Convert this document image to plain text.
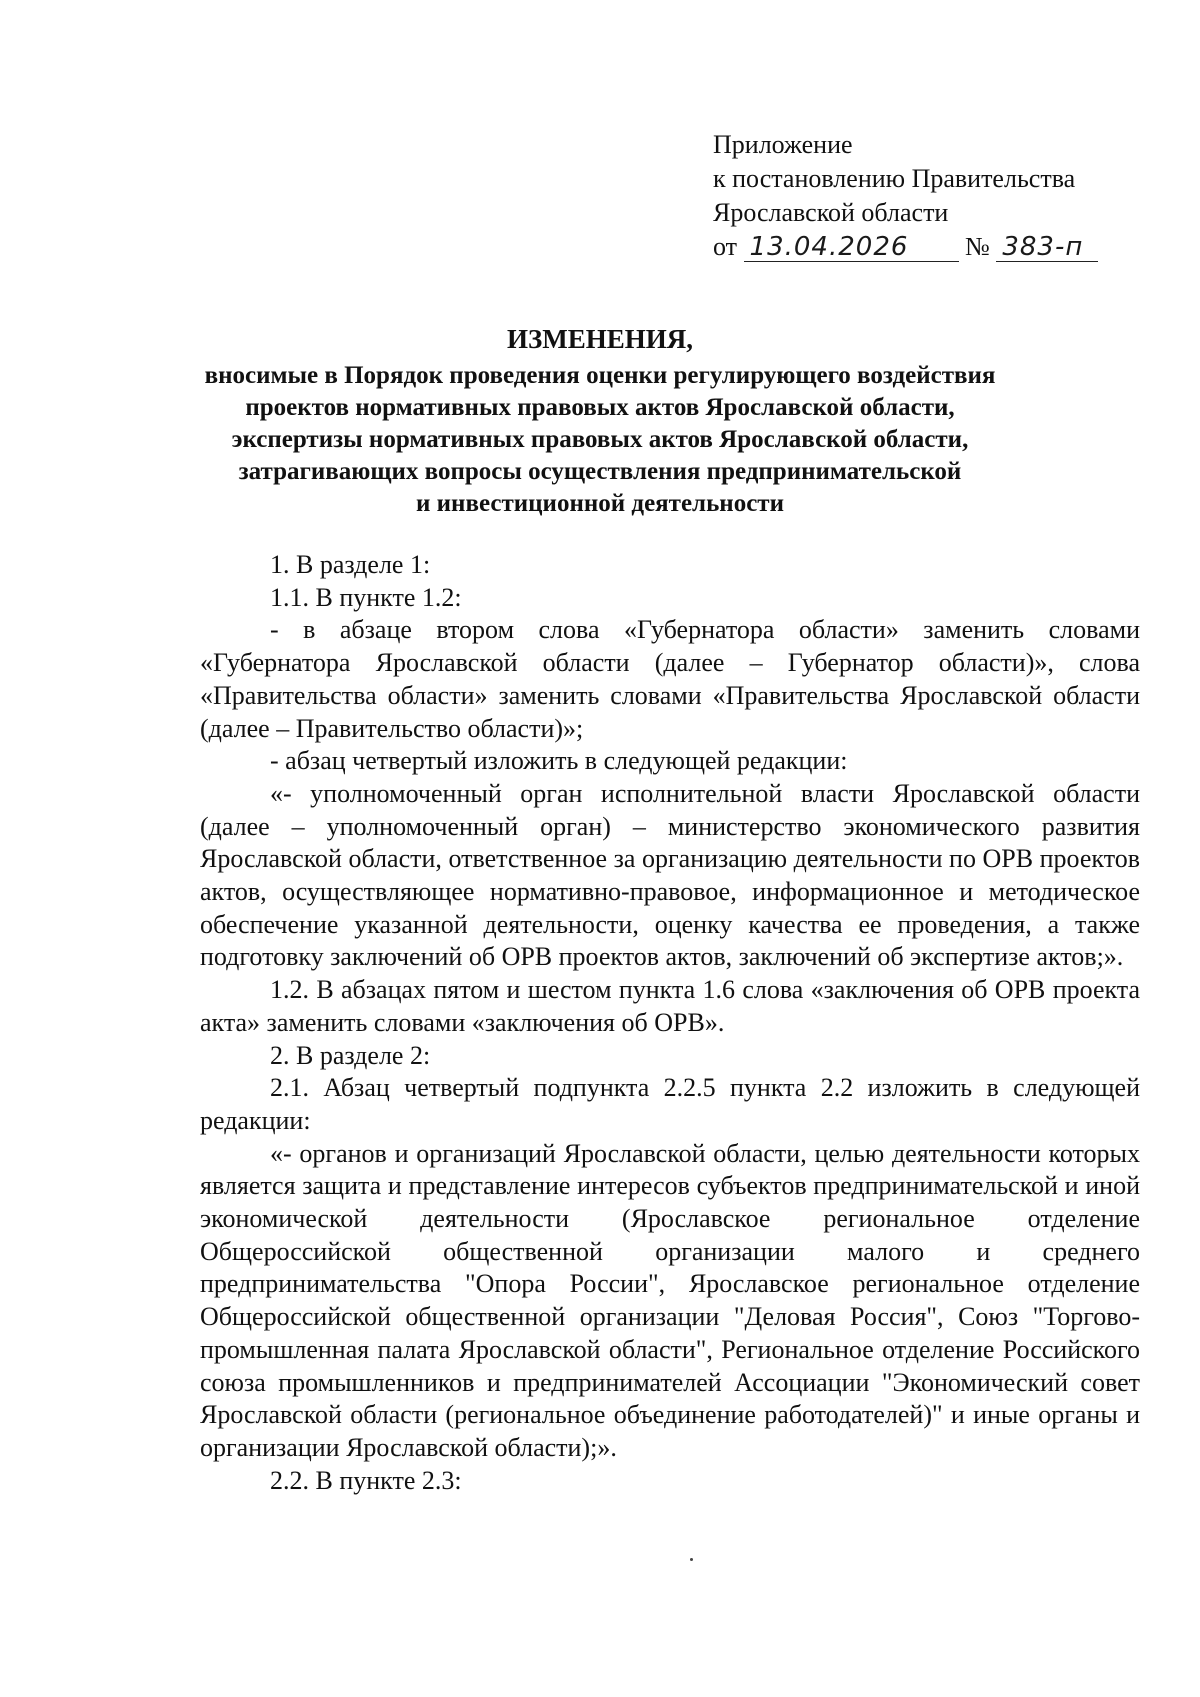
Приложение
к постановлению Правительства
Ярославской области
от 13.04.2026 № 383-п
ИЗМЕНЕНИЯ,
вносимые в Порядок проведения оценки регулирующего воздействия
проектов нормативных правовых актов Ярославской области,
экспертизы нормативных правовых актов Ярославской области,
затрагивающих вопросы осуществления предпринимательской
и инвестиционной деятельности

1. В разделе 1:

1.1. В пункте 1.2:

- в абзаце втором слова «Губернатора области» заменить словами «Губернатора Ярославской области (далее – Губернатор области)», слова «Правительства области» заменить словами «Правительства Ярославской области (далее – Правительство области)»;

- абзац четвертый изложить в следующей редакции:

«- уполномоченный орган исполнительной власти Ярославской области (далее – уполномоченный орган) – министерство экономического развития Ярославской области, ответственное за организацию деятельности по ОРВ проектов актов, осуществляющее нормативно-правовое, информационное и методическое обеспечение указанной деятельности, оценку качества ее проведения, а также подготовку заключений об ОРВ проектов актов, заключений об экспертизе актов;».

1.2. В абзацах пятом и шестом пункта 1.6 слова «заключения об ОРВ проекта акта» заменить словами «заключения об ОРВ».

2. В разделе 2:

2.1. Абзац четвертый подпункта 2.2.5 пункта 2.2 изложить в следующей редакции:

«- органов и организаций Ярославской области, целью деятельности которых является защита и представление интересов субъектов предпринимательской и иной экономической деятельности (Ярославское региональное отделение Общероссийской общественной организации малого и среднего предпринимательства "Опора России", Ярославское региональное отделение Общероссийской общественной организации "Деловая Россия", Союз "Торгово-промышленная палата Ярославской области", Региональное отделение Российского союза промышленников и предпринимателей Ассоциации "Экономический совет Ярославской области (региональное объединение работодателей)" и иные органы и организации Ярославской области);».

2.2. В пункте 2.3:
